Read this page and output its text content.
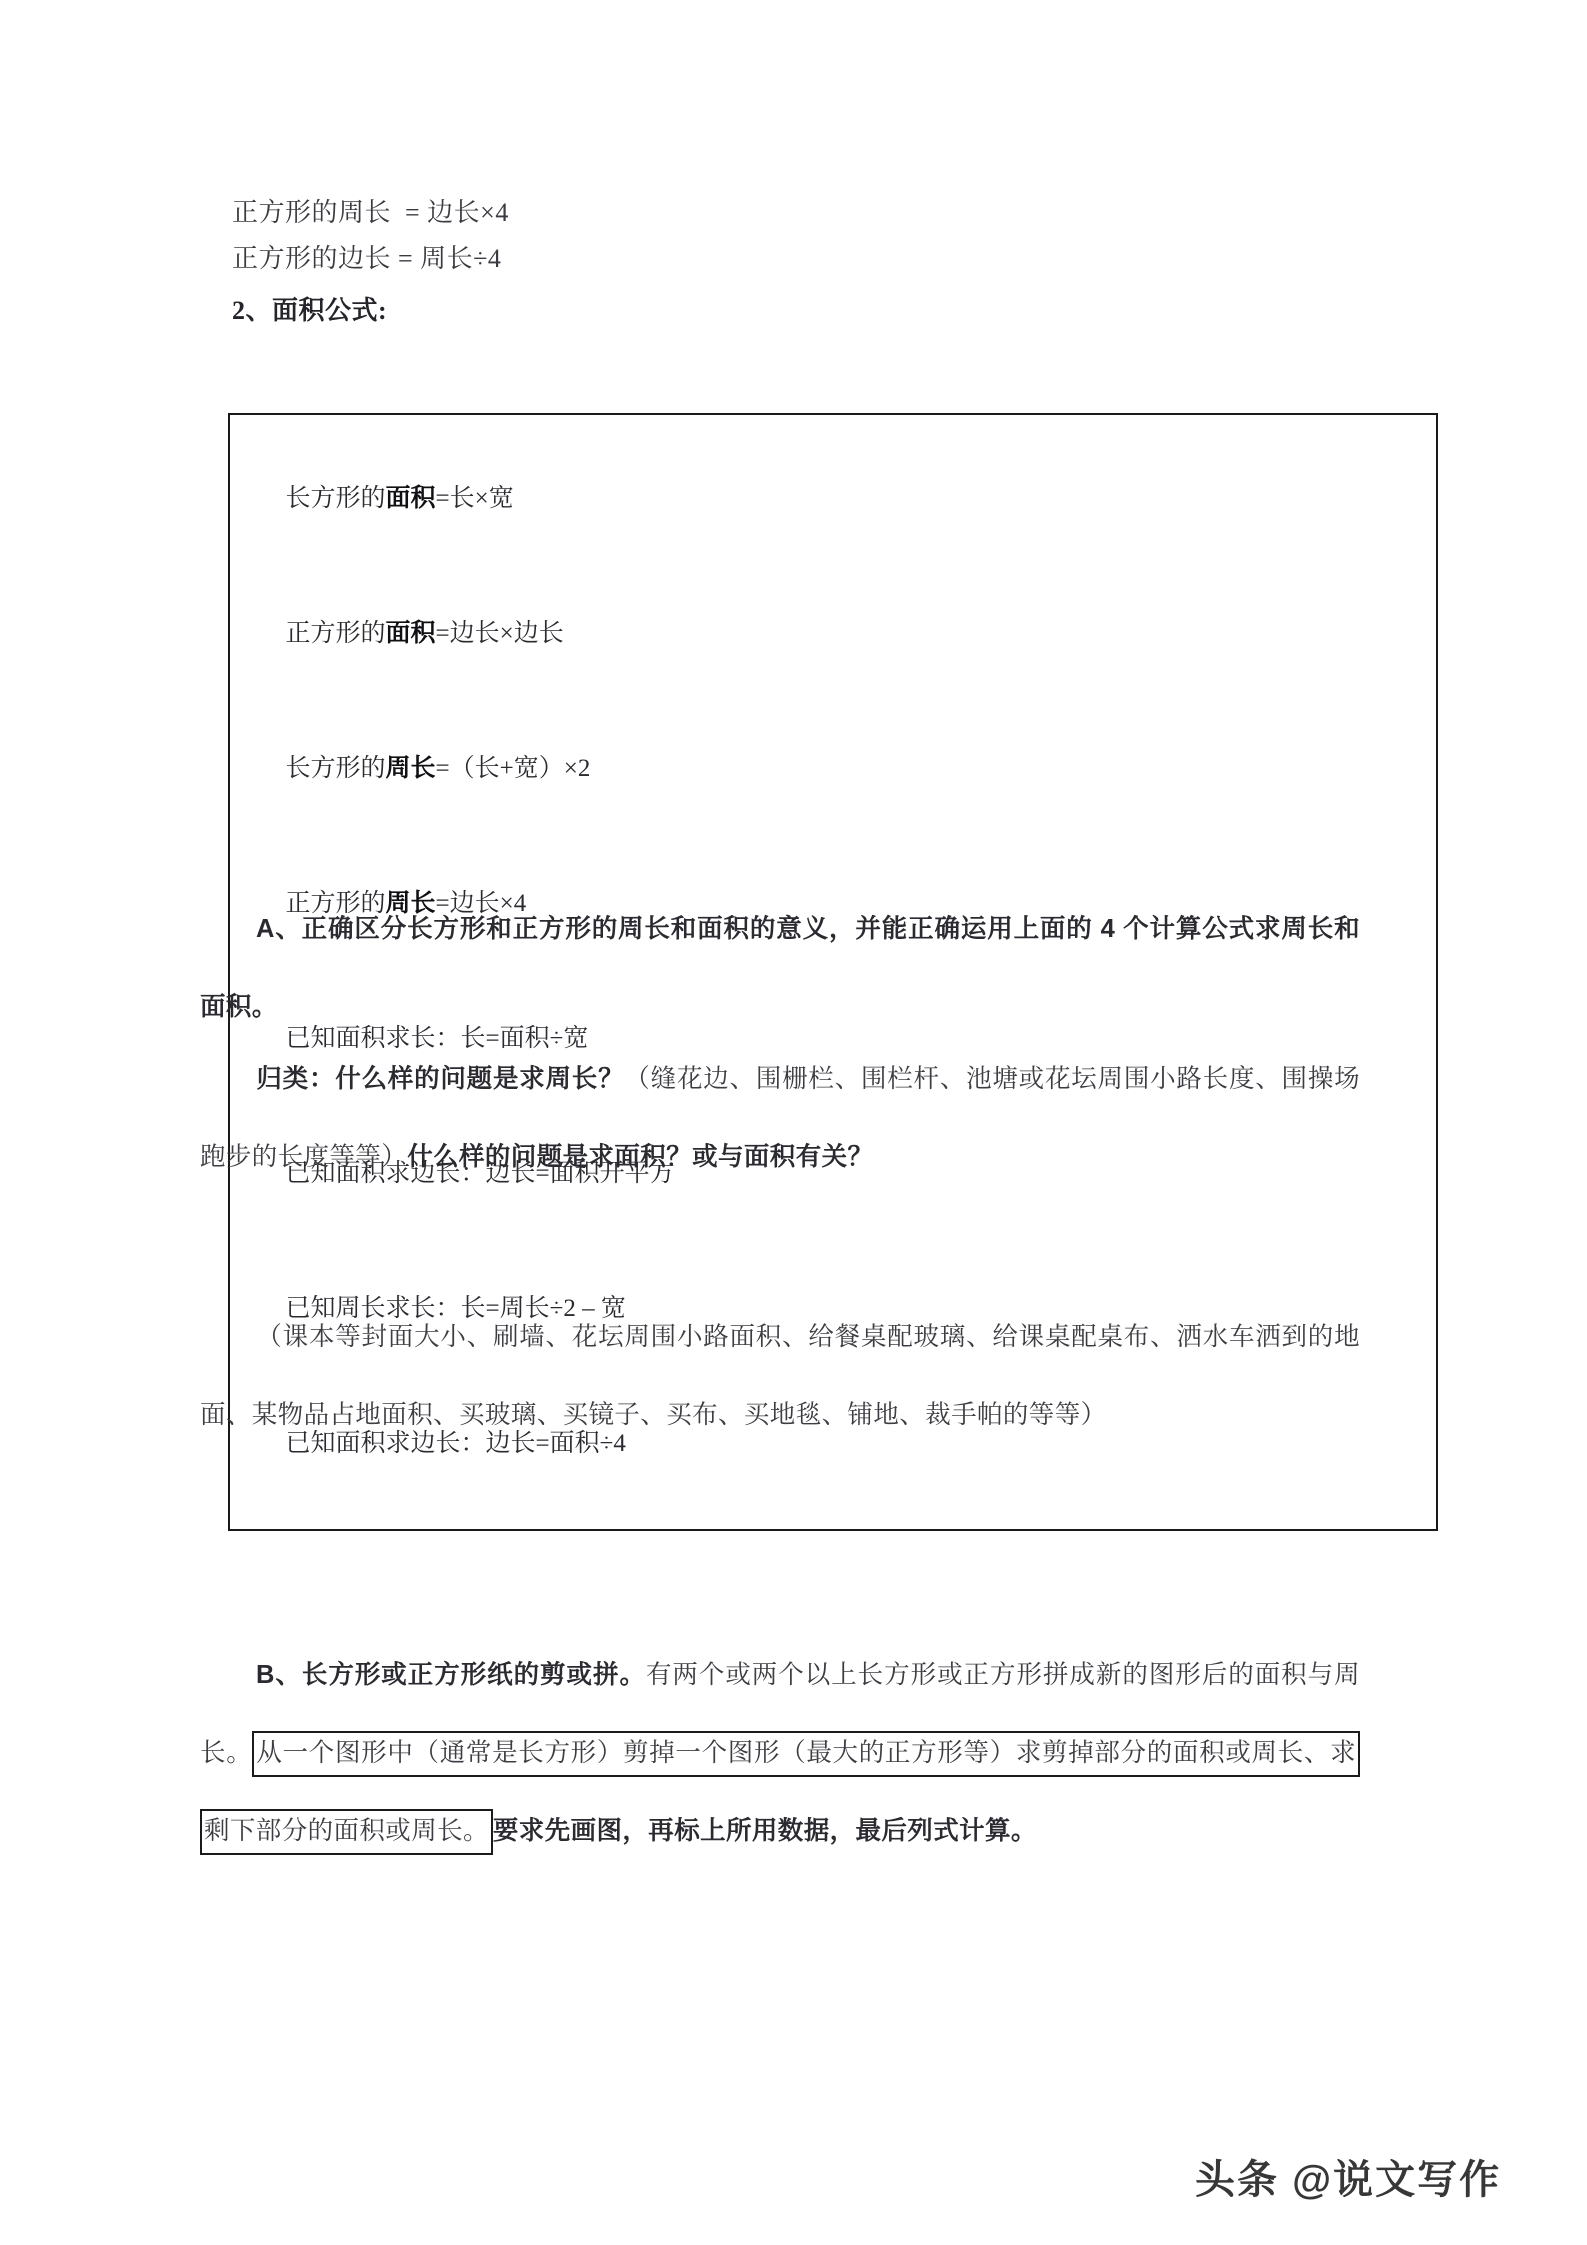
正方形的周长  = 边长×4
正方形的边长 = 周长÷4
2、面积公式:

长方形的面积=长×宽

正方形的面积=边长×边长

长方形的周长=（长+宽）×2

正方形的周长=边长×4

已知面积求长：长=面积÷宽

已知面积求边长：边长=面积开平方

已知周长求长：长=周长÷2 – 宽

已知面积求边长：边长=面积÷4

A、正确区分长方形和正方形的周长和面积的意义，并能正确运用上面的 4 个计算公式求周长和面积。
归类：什么样的问题是求周长？（缝花边、围栅栏、围栏杆、池塘或花坛周围小路长度、围操场跑步的长度等等）什么样的问题是求面积？或与面积有关？
（课本等封面大小、刷墙、花坛周围小路面积、给餐桌配玻璃、给课桌配桌布、洒水车洒到的地面、某物品占地面积、买玻璃、买镜子、买布、买地毯、铺地、裁手帕的等等）
B、长方形或正方形纸的剪或拼。有两个或两个以上长方形或正方形拼成新的图形后的面积与周长。 从一个图形中（通常是长方形）剪掉一个图形（最大的正方形等）求剪掉部分的面积或周长、求剩下部分的面积或周长。 要求先画图，再标上所用数据，最后列式计算。
头条 @说文写作
